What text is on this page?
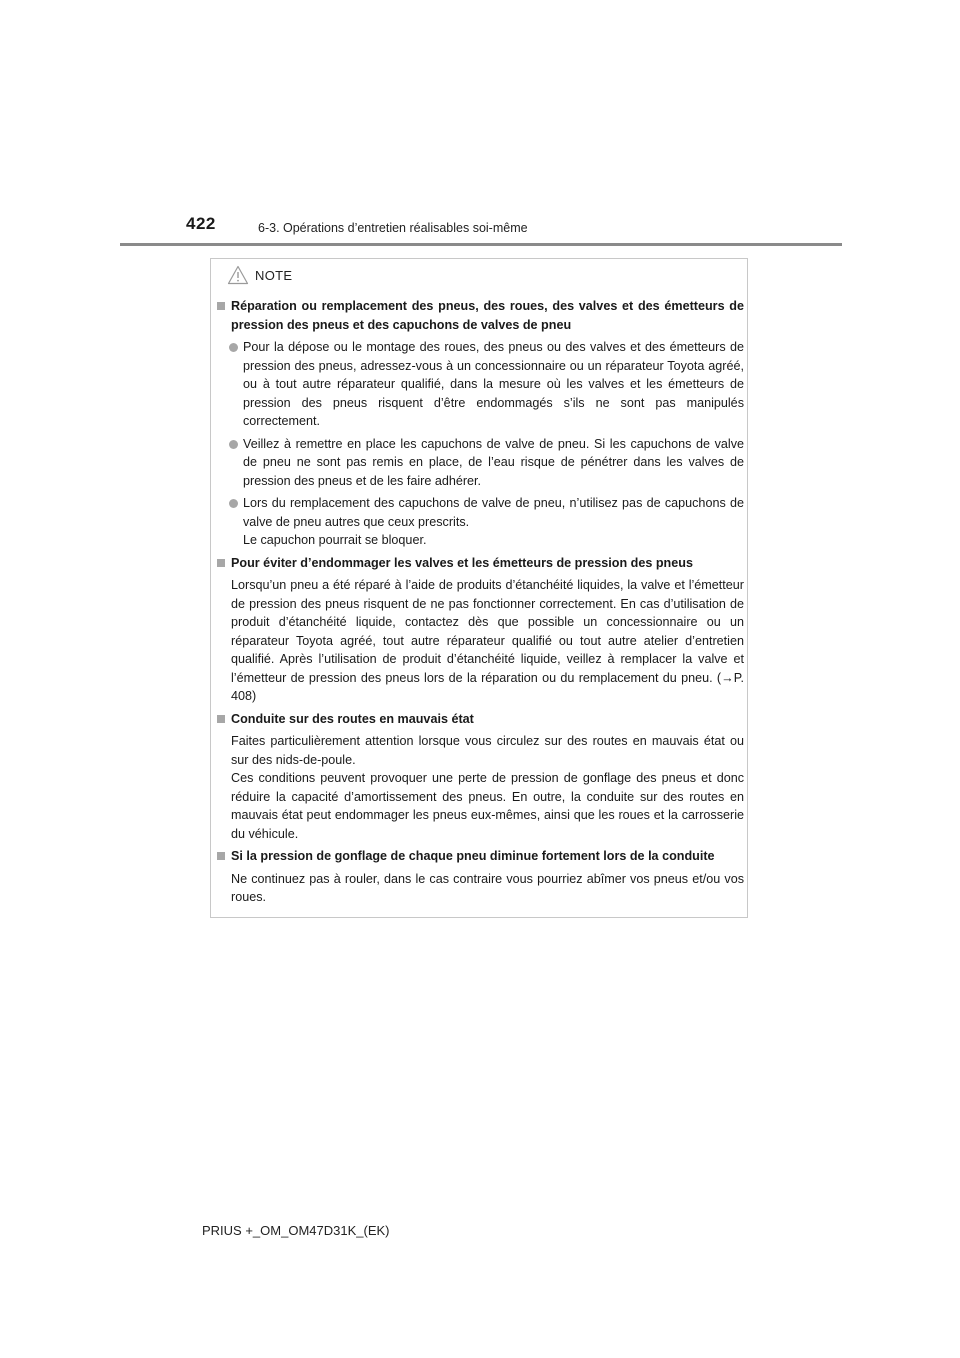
422	6-3. Opérations d’entretien réalisables soi-même
NOTE
Réparation ou remplacement des pneus, des roues, des valves et des émetteurs de pression des pneus et des capuchons de valves de pneu
Pour la dépose ou le montage des roues, des pneus ou des valves et des émetteurs de pression des pneus, adressez-vous à un concessionnaire ou un réparateur Toyota agréé, ou à tout autre réparateur qualifié, dans la mesure où les valves et les émetteurs de pression des pneus risquent d’être endommagés s’ils ne sont pas manipulés correctement.
Veillez à remettre en place les capuchons de valve de pneu. Si les capuchons de valve de pneu ne sont pas remis en place, de l’eau risque de pénétrer dans les valves de pression des pneus et de les faire adhérer.
Lors du remplacement des capuchons de valve de pneu, n’utilisez pas de capuchons de valve de pneu autres que ceux prescrits.
Le capuchon pourrait se bloquer.
Pour éviter d’endommager les valves et les émetteurs de pression des pneus
Lorsqu’un pneu a été réparé à l’aide de produits d’étanchéité liquides, la valve et l’émetteur de pression des pneus risquent de ne pas fonctionner correctement. En cas d’utilisation de produit d’étanchéité liquide, contactez dès que possible un concessionnaire ou un réparateur Toyota agréé, tout autre réparateur qualifié ou tout autre atelier d’entretien qualifié. Après l’utilisation de produit d’étanchéité liquide, veillez à remplacer la valve et l’émetteur de pression des pneus lors de la réparation ou du remplacement du pneu. (→P. 408)
Conduite sur des routes en mauvais état
Faites particulièrement attention lorsque vous circulez sur des routes en mauvais état ou sur des nids-de-poule.
Ces conditions peuvent provoquer une perte de pression de gonflage des pneus et donc réduire la capacité d’amortissement des pneus. En outre, la conduite sur des routes en mauvais état peut endommager les pneus eux-mêmes, ainsi que les roues et la carrosserie du véhicule.
Si la pression de gonflage de chaque pneu diminue fortement lors de la conduite
Ne continuez pas à rouler, dans le cas contraire vous pourriez abîmer vos pneus et/ou vos roues.
PRIUS +_OM_OM47D31K_(EK)
